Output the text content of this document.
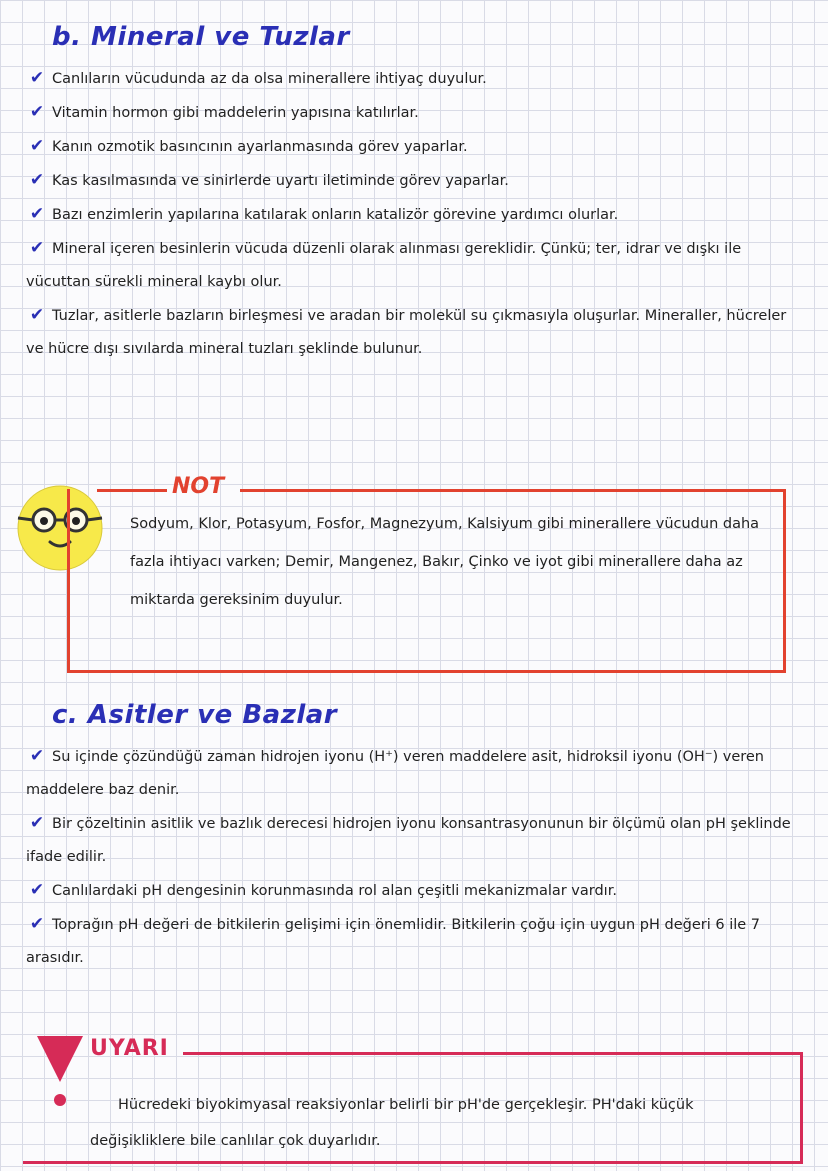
b. Mineral ve Tuzlar
✔ Canlıların vücudunda az da olsa minerallere ihtiyaç duyulur.
✔ Vitamin hormon gibi maddelerin yapısına katılırlar.
✔ Kanın ozmotik basıncının ayarlanmasında görev yaparlar.
✔ Kas kasılmasında ve sinirlerde uyartı iletiminde görev yaparlar.
✔ Bazı enzimlerin yapılarına katılarak onların katalizör görevine yardımcı olurlar.
✔ Mineral içeren besinlerin vücuda düzenli olarak alınması gereklidir. Çünkü; ter, idrar ve dışkı ile vücuttan sürekli mineral kaybı olur.
✔ Tuzlar, asitlerle bazların birleşmesi ve aradan bir molekül su çıkmasıyla oluşurlar. Mineraller, hücreler ve hücre dışı sıvılarda mineral tuzları şeklinde bulunur.
NOT
Sodyum, Klor, Potasyum, Fosfor, Magnezyum, Kalsiyum gibi minerallere vücudun daha fazla ihtiyacı varken; Demir, Mangenez, Bakır, Çinko ve iyot gibi minerallere daha az miktarda gereksinim duyulur.
c. Asitler ve Bazlar
✔ Su içinde çözündüğü zaman hidrojen iyonu (H⁺) veren maddelere asit, hidroksil iyonu (OH⁻) veren maddelere baz denir.
✔ Bir çözeltinin asitlik ve bazlık derecesi hidrojen iyonu konsantrasyonunun bir ölçümü olan pH şeklinde ifade edilir.
✔ Canlılardaki pH dengesinin korunmasında rol alan çeşitli mekanizmalar vardır.
✔ Toprağın pH değeri de bitkilerin gelişimi için önemlidir. Bitkilerin çoğu için uygun pH değeri 6 ile 7 arasıdır.
UYARI
Hücredeki biyokimyasal reaksiyonlar belirli bir pH'de gerçekleşir. PH'daki küçük değişikliklere bile canlılar çok duyarlıdır.
